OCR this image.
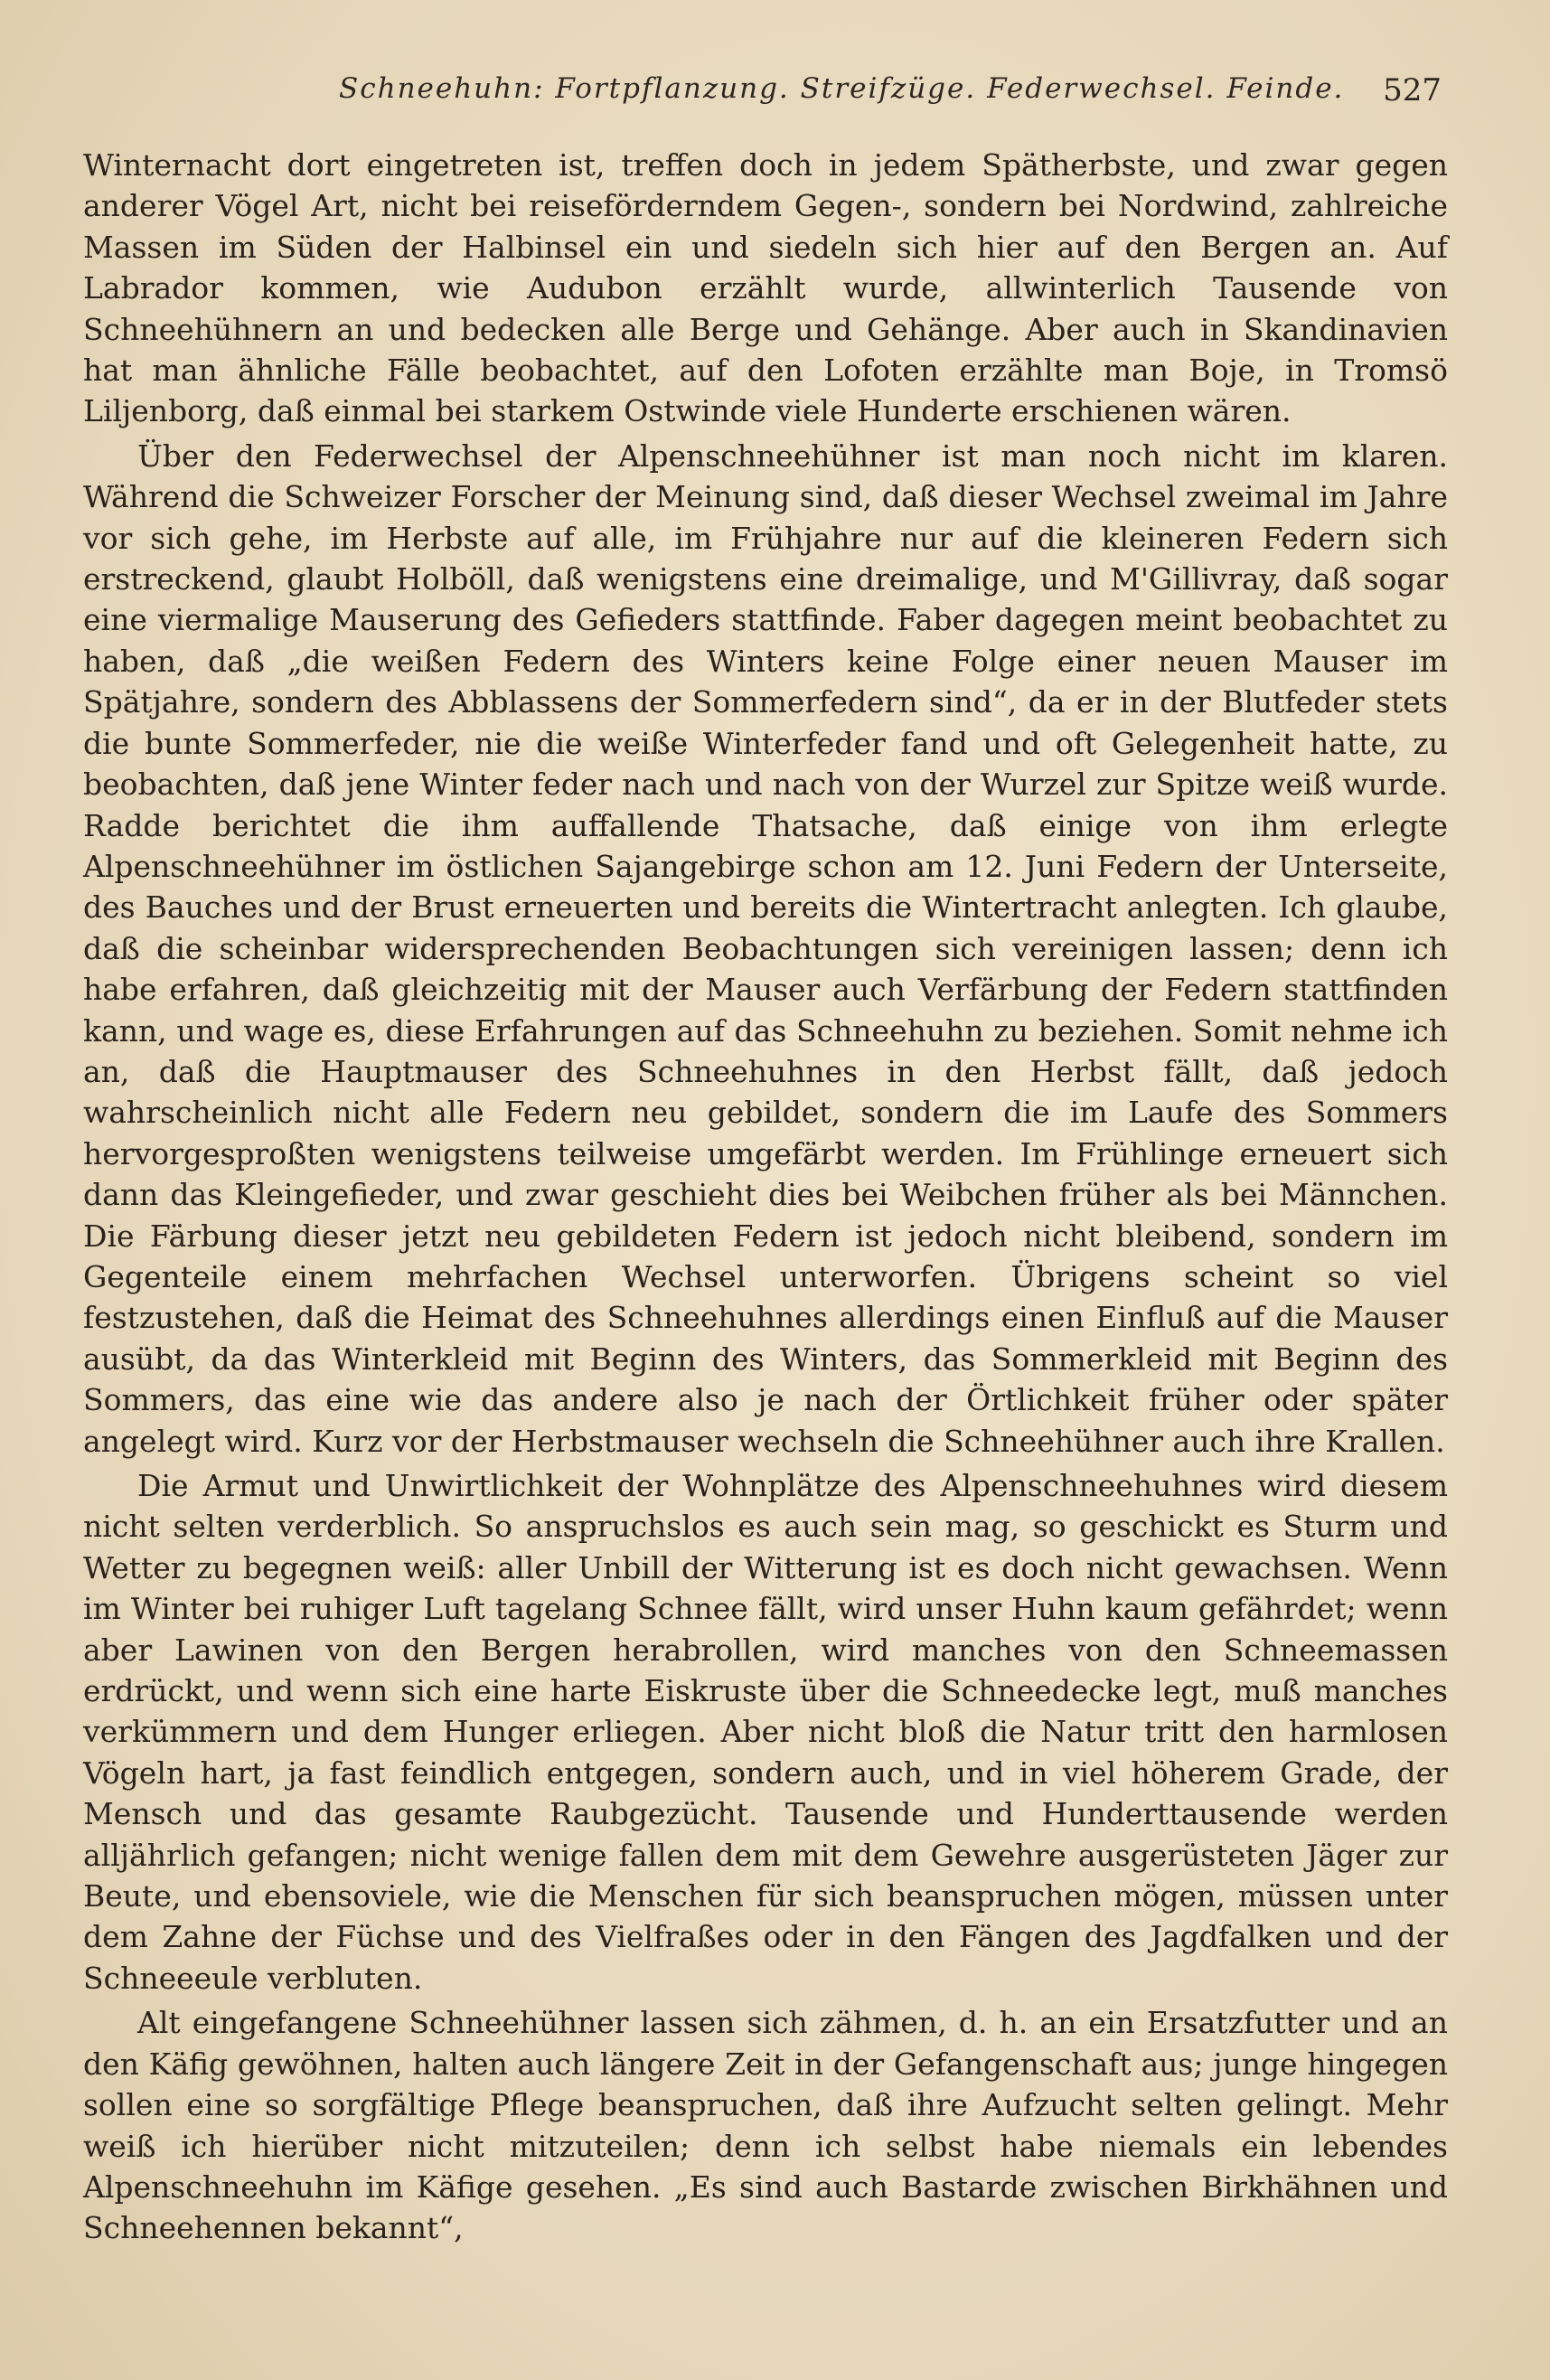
Schneehuhn: Fortpflanzung. Streifzüge. Federwechsel. Feinde. 527

Winternacht dort eingetreten ist, treffen doch in jedem Spätherbste, und zwar gegen anderer Vögel Art, nicht bei reiseförderndem Gegen-, sondern bei Nordwind, zahlreiche Massen im Süden der Halbinsel ein und siedeln sich hier auf den Bergen an. Auf Labrador kommen, wie Audubon erzählt wurde, allwinterlich Tausende von Schneehühnern an und bedecken alle Berge und Gehänge. Aber auch in Skandinavien hat man ähnliche Fälle beobachtet, auf den Lofoten erzählte man Boje, in Tromsö Liljenborg, daß einmal bei starkem Ostwinde viele Hunderte erschienen wären.

Über den Federwechsel der Alpenschneehühner ist man noch nicht im klaren. Während die Schweizer Forscher der Meinung sind, daß dieser Wechsel zweimal im Jahre vor sich gehe, im Herbste auf alle, im Frühjahre nur auf die kleineren Federn sich erstreckend, glaubt Holböll, daß wenigstens eine dreimalige, und M'Gillivray, daß sogar eine viermalige Mauserung des Gefieders stattfinde. Faber dagegen meint beobachtet zu haben, daß „die weißen Federn des Winters keine Folge einer neuen Mauser im Spätjahre, sondern des Abblassens der Sommerfedern sind“, da er in der Blutfeder stets die bunte Sommerfeder, nie die weiße Winterfeder fand und oft Gelegenheit hatte, zu beobachten, daß jene Winter feder nach und nach von der Wurzel zur Spitze weiß wurde. Radde berichtet die ihm auffallende Thatsache, daß einige von ihm erlegte Alpenschneehühner im östlichen Sajangebirge schon am 12. Juni Federn der Unterseite, des Bauches und der Brust erneuerten und bereits die Wintertracht anlegten. Ich glaube, daß die scheinbar widersprechenden Beobachtungen sich vereinigen lassen; denn ich habe erfahren, daß gleichzeitig mit der Mauser auch Verfärbung der Federn stattfinden kann, und wage es, diese Erfahrungen auf das Schneehuhn zu beziehen. Somit nehme ich an, daß die Hauptmauser des Schneehuhnes in den Herbst fällt, daß jedoch wahrscheinlich nicht alle Federn neu gebildet, sondern die im Laufe des Sommers hervorgesproßten wenigstens teilweise umgefärbt werden. Im Frühlinge erneuert sich dann das Kleingefieder, und zwar geschieht dies bei Weibchen früher als bei Männchen. Die Färbung dieser jetzt neu gebildeten Federn ist jedoch nicht bleibend, sondern im Gegenteile einem mehrfachen Wechsel unterworfen. Übrigens scheint so viel festzustehen, daß die Heimat des Schneehuhnes allerdings einen Einfluß auf die Mauser ausübt, da das Winterkleid mit Beginn des Winters, das Sommerkleid mit Beginn des Sommers, das eine wie das andere also je nach der Örtlichkeit früher oder später angelegt wird. Kurz vor der Herbstmauser wechseln die Schneehühner auch ihre Krallen.

Die Armut und Unwirtlichkeit der Wohnplätze des Alpenschneehuhnes wird diesem nicht selten verderblich. So anspruchslos es auch sein mag, so geschickt es Sturm und Wetter zu begegnen weiß: aller Unbill der Witterung ist es doch nicht gewachsen. Wenn im Winter bei ruhiger Luft tagelang Schnee fällt, wird unser Huhn kaum gefährdet; wenn aber Lawinen von den Bergen herabrollen, wird manches von den Schneemassen erdrückt, und wenn sich eine harte Eiskruste über die Schneedecke legt, muß manches verkümmern und dem Hunger erliegen. Aber nicht bloß die Natur tritt den harmlosen Vögeln hart, ja fast feindlich entgegen, sondern auch, und in viel höherem Grade, der Mensch und das gesamte Raubgezücht. Tausende und Hunderttausende werden alljährlich gefangen; nicht wenige fallen dem mit dem Gewehre ausgerüsteten Jäger zur Beute, und ebensoviele, wie die Menschen für sich beanspruchen mögen, müssen unter dem Zahne der Füchse und des Vielfraßes oder in den Fängen des Jagdfalken und der Schneeeule verbluten.

Alt eingefangene Schneehühner lassen sich zähmen, d. h. an ein Ersatzfutter und an den Käfig gewöhnen, halten auch längere Zeit in der Gefangenschaft aus; junge hingegen sollen eine so sorgfältige Pflege beanspruchen, daß ihre Aufzucht selten gelingt. Mehr weiß ich hierüber nicht mitzuteilen; denn ich selbst habe niemals ein lebendes Alpenschneehuhn im Käfige gesehen. „Es sind auch Bastarde zwischen Birkhähnen und Schneehennen bekannt“,
